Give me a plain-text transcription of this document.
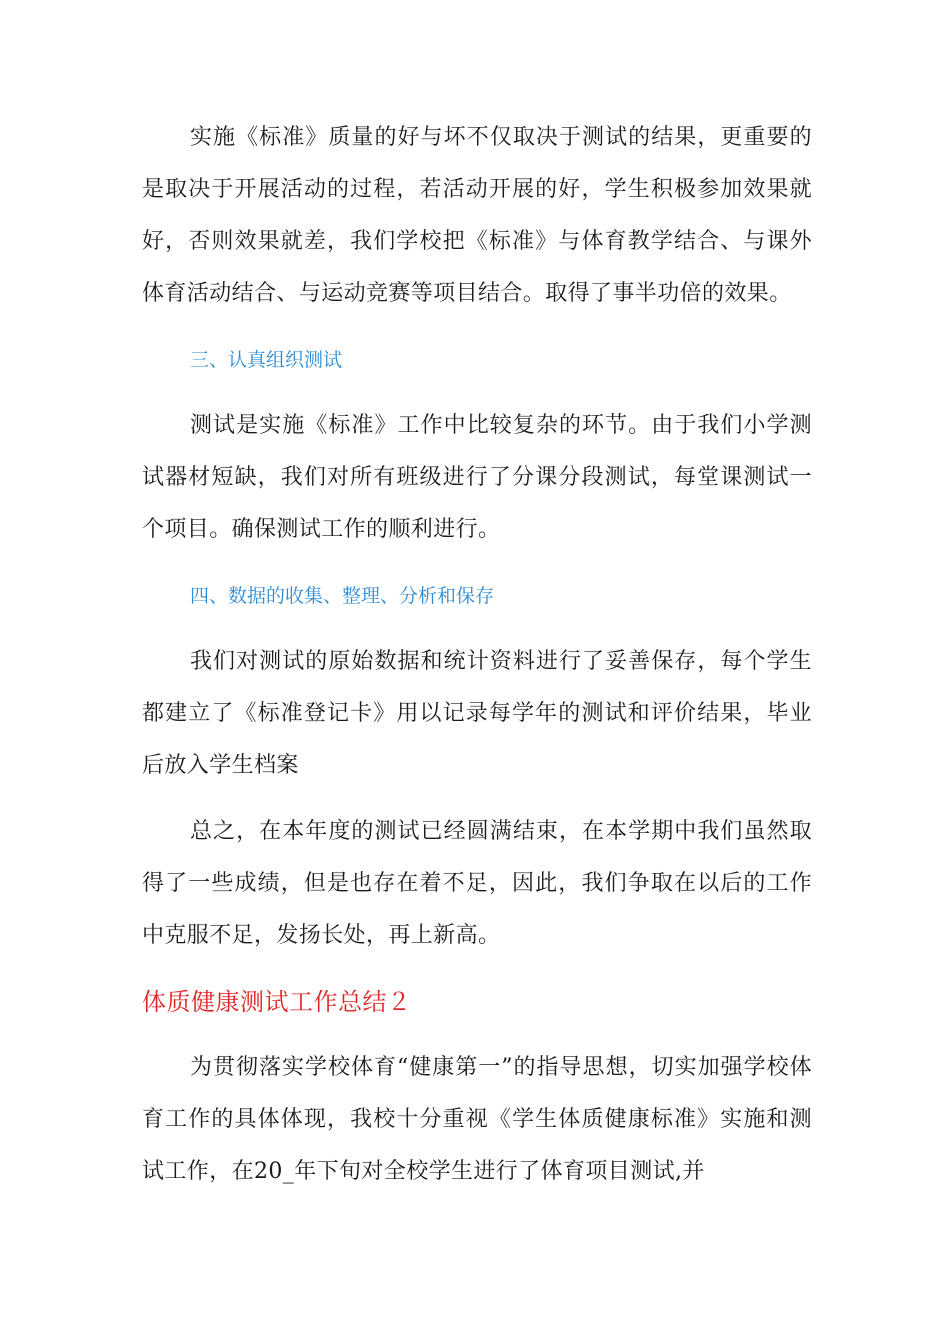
实施《标准》质量的好与坏不仅取决于测试的结果，更重要的是取决于开展活动的过程，若活动开展的好，学生积极参加效果就好，否则效果就差，我们学校把《标准》与体育教学结合、与课外体育活动结合、与运动竞赛等项目结合。取得了事半功倍的效果。

三、认真组织测试

测试是实施《标准》工作中比较复杂的环节。由于我们小学测试器材短缺，我们对所有班级进行了分课分段测试，每堂课测试一个项目。确保测试工作的顺利进行。

四、数据的收集、整理、分析和保存

我们对测试的原始数据和统计资料进行了妥善保存，每个学生都建立了《标准登记卡》用以记录每学年的测试和评价结果，毕业后放入学生档案

总之，在本年度的测试已经圆满结束，在本学期中我们虽然取得了一些成绩，但是也存在着不足，因此，我们争取在以后的工作中克服不足，发扬长处，再上新高。

体质健康测试工作总结２

为贯彻落实学校体育“健康第一”的指导思想，切实加强学校体育工作的具体体现，我校十分重视《学生体质健康标准》实施和测试工作，在20_年下旬对全校学生进行了体育项目测试,并
